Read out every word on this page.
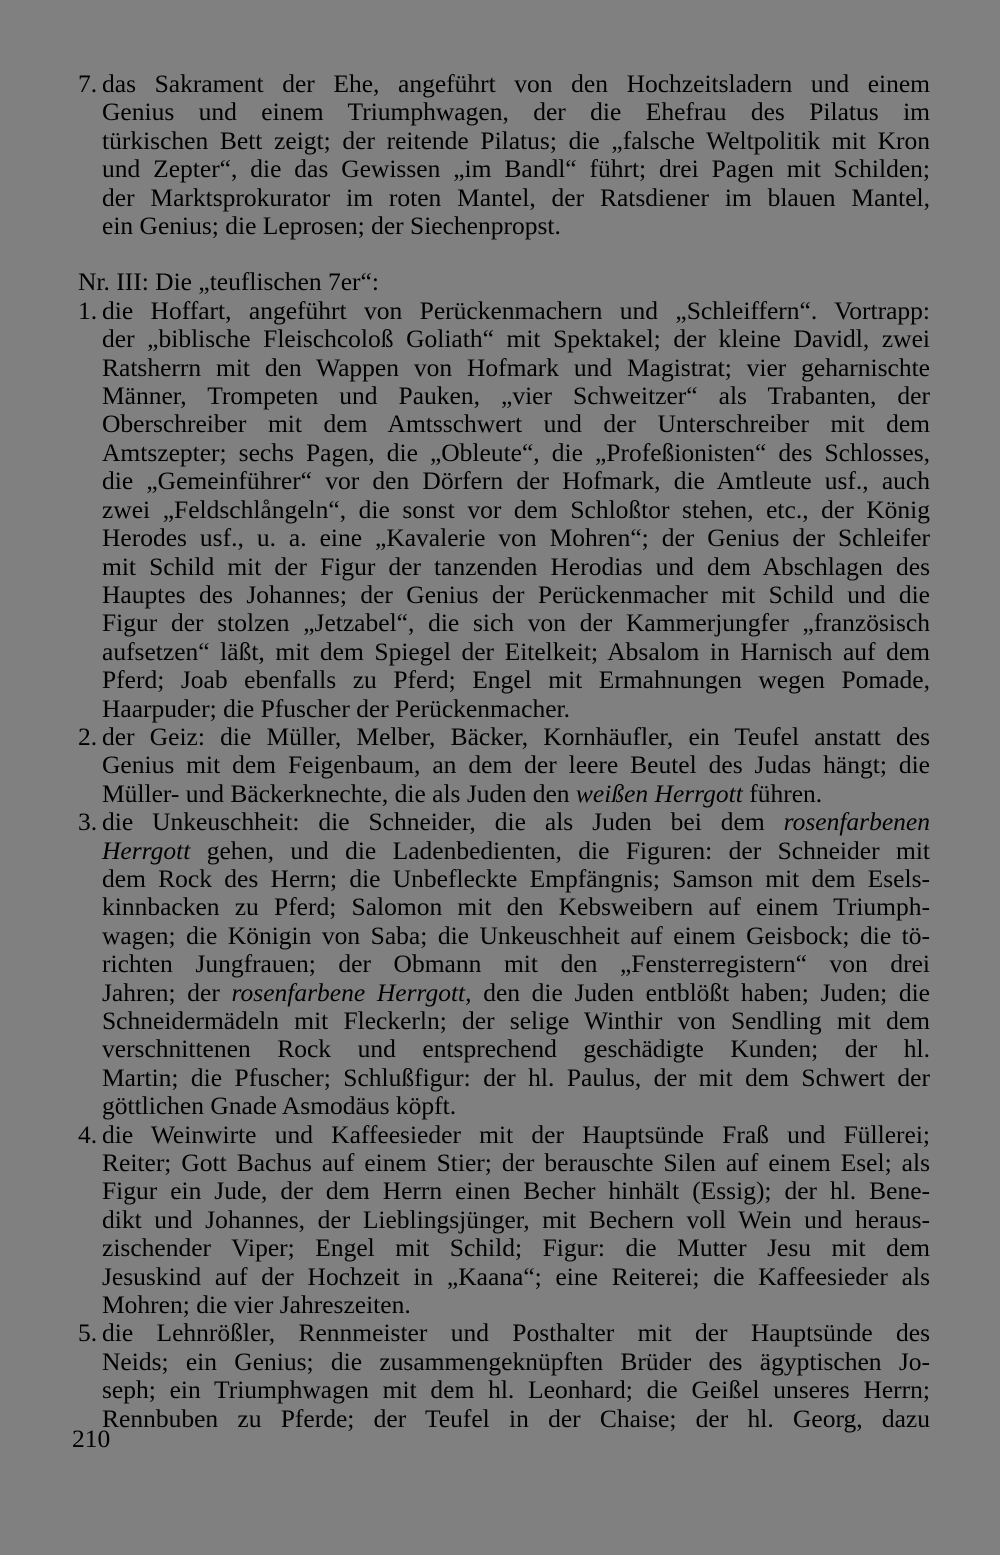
7. das Sakrament der Ehe, angeführt von den Hochzeitsladern und einem
Genius und einem Triumphwagen, der die Ehefrau des Pilatus im
türkischen Bett zeigt; der reitende Pilatus; die „falsche Weltpolitik mit Kron
und Zepter“, die das Gewissen „im Bandl“ führt; drei Pagen mit Schilden;
der Marktsprokurator im roten Mantel, der Ratsdiener im blauen Mantel,
ein Genius; die Leprosen; der Siechenpropst.

Nr. III: Die „teuflischen 7er“:

1. die Hoffart, angeführt von Perückenmachern und „Schleiffern“. Vortrapp:
der „biblische Fleischcoloß Goliath“ mit Spektakel; der kleine Davidl, zwei
Ratsherrn mit den Wappen von Hofmark und Magistrat; vier geharnischte
Männer, Trompeten und Pauken, „vier Schweitzer“ als Trabanten, der
Oberschreiber mit dem Amtsschwert und der Unterschreiber mit dem
Amtszepter; sechs Pagen, die „Obleute“, die „Profeßionisten“ des Schlosses,
die „Gemeinführer“ vor den Dörfern der Hofmark, die Amtleute usf., auch
zwei „Feldschlångeln“, die sonst vor dem Schloßtor stehen, etc., der König
Herodes usf., u. a. eine „Kavalerie von Mohren“; der Genius der Schleifer
mit Schild mit der Figur der tanzenden Herodias und dem Abschlagen des
Hauptes des Johannes; der Genius der Perückenmacher mit Schild und die
Figur der stolzen „Jetzabel“, die sich von der Kammerjungfer „französisch
aufsetzen“ läßt, mit dem Spiegel der Eitelkeit; Absalom in Harnisch auf dem
Pferd; Joab ebenfalls zu Pferd; Engel mit Ermahnungen wegen Pomade,
Haarpuder; die Pfuscher der Perückenmacher.
2. der Geiz: die Müller, Melber, Bäcker, Kornhäufler, ein Teufel anstatt des
Genius mit dem Feigenbaum, an dem der leere Beutel des Judas hängt; die
Müller- und Bäckerknechte, die als Juden den weißen Herrgott führen.
3. die Unkeuschheit: die Schneider, die als Juden bei dem rosenfarbenen
Herrgott gehen, und die Ladenbedienten, die Figuren: der Schneider mit
dem Rock des Herrn; die Unbefleckte Empfängnis; Samson mit dem Esels-
kinnbacken zu Pferd; Salomon mit den Kebsweibern auf einem Triumph-
wagen; die Königin von Saba; die Unkeuschheit auf einem Geisbock; die tö-
richten Jungfrauen; der Obmann mit den „Fensterregistern“ von drei
Jahren; der rosenfarbene Herrgott, den die Juden entblößt haben; Juden; die
Schneidermädeln mit Fleckerln; der selige Winthir von Sendling mit dem
verschnittenen Rock und entsprechend geschädigte Kunden; der hl.
Martin; die Pfuscher; Schlußfigur: der hl. Paulus, der mit dem Schwert der
göttlichen Gnade Asmodäus köpft.
4. die Weinwirte und Kaffeesieder mit der Hauptsünde Fraß und Füllerei;
Reiter; Gott Bachus auf einem Stier; der berauschte Silen auf einem Esel; als
Figur ein Jude, der dem Herrn einen Becher hinhält (Essig); der hl. Bene-
dikt und Johannes, der Lieblingsjünger, mit Bechern voll Wein und heraus-
zischender Viper; Engel mit Schild; Figur: die Mutter Jesu mit dem
Jesuskind auf der Hochzeit in „Kaana“; eine Reiterei; die Kaffeesieder als
Mohren; die vier Jahreszeiten.
5. die Lehnrößler, Rennmeister und Posthalter mit der Hauptsünde des
Neids; ein Genius; die zusammengeknüpften Brüder des ägyptischen Jo-
seph; ein Triumphwagen mit dem hl. Leonhard; die Geißel unseres Herrn;
Rennbuben zu Pferde; der Teufel in der Chaise; der hl. Georg, dazu
210
